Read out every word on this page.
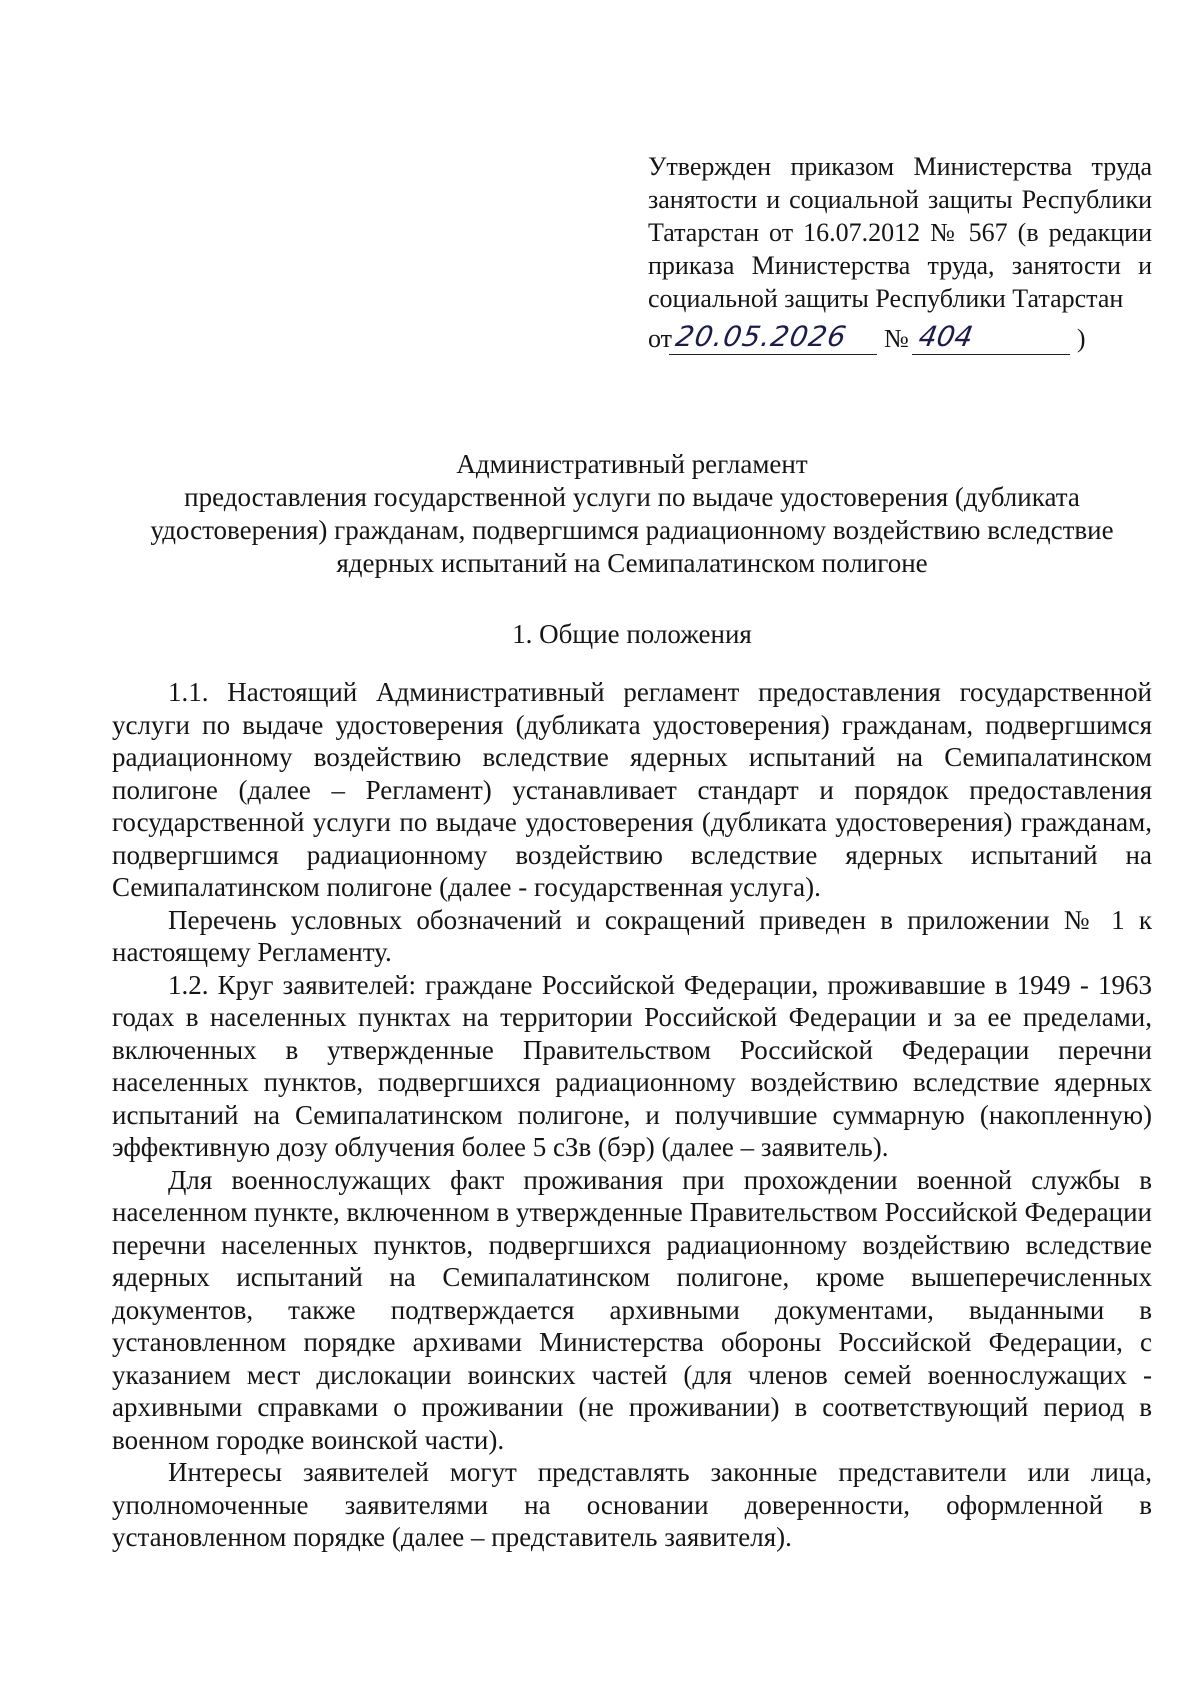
Утвержден приказом Министерства труда занятости и социальной защиты Республики Татарстан от 16.07.2012 № 567 (в редакции приказа Министерства труда, занятости и социальной защиты Республики Татарстан
от 20.05.2026	№ 404	)
Административный регламент
предоставления государственной услуги по выдаче удостоверения (дубликата удостоверения) гражданам, подвергшимся радиационному воздействию вследствие ядерных испытаний на Семипалатинском полигоне
1. Общие положения

1.1. Настоящий Административный регламент предоставления государственной услуги по выдаче удостоверения (дубликата удостоверения) гражданам, подвергшимся радиационному воздействию вследствие ядерных испытаний на Семипалатинском полигоне (далее – Регламент) устанавливает стандарт и порядок предоставления государственной услуги по выдаче удостоверения (дубликата удостоверения) гражданам, подвергшимся радиационному воздействию вследствие ядерных испытаний на Семипалатинском полигоне (далее - государственная услуга).

Перечень условных обозначений и сокращений приведен в приложении № 1 к настоящему Регламенту.

1.2. Круг заявителей: граждане Российской Федерации, проживавшие в 1949 - 1963 годах в населенных пунктах на территории Российской Федерации и за ее пределами, включенных в утвержденные Правительством Российской Федерации перечни населенных пунктов, подвергшихся радиационному воздействию вследствие ядерных испытаний на Семипалатинском полигоне, и получившие суммарную (накопленную) эффективную дозу облучения более 5 сЗв (бэр) (далее – заявитель).

Для военнослужащих факт проживания при прохождении военной службы в населенном пункте, включенном в утвержденные Правительством Российской Федерации перечни населенных пунктов, подвергшихся радиационному воздействию вследствие ядерных испытаний на Семипалатинском полигоне, кроме вышеперечисленных документов, также подтверждается архивными документами, выданными в установленном порядке архивами Министерства обороны Российской Федерации, с указанием мест дислокации воинских частей (для членов семей военнослужащих - архивными справками о проживании (не проживании) в соответствующий период в военном городке воинской части).

Интересы заявителей могут представлять законные представители или лица, уполномоченные заявителями на основании доверенности, оформленной в установленном порядке (далее – представитель заявителя).
